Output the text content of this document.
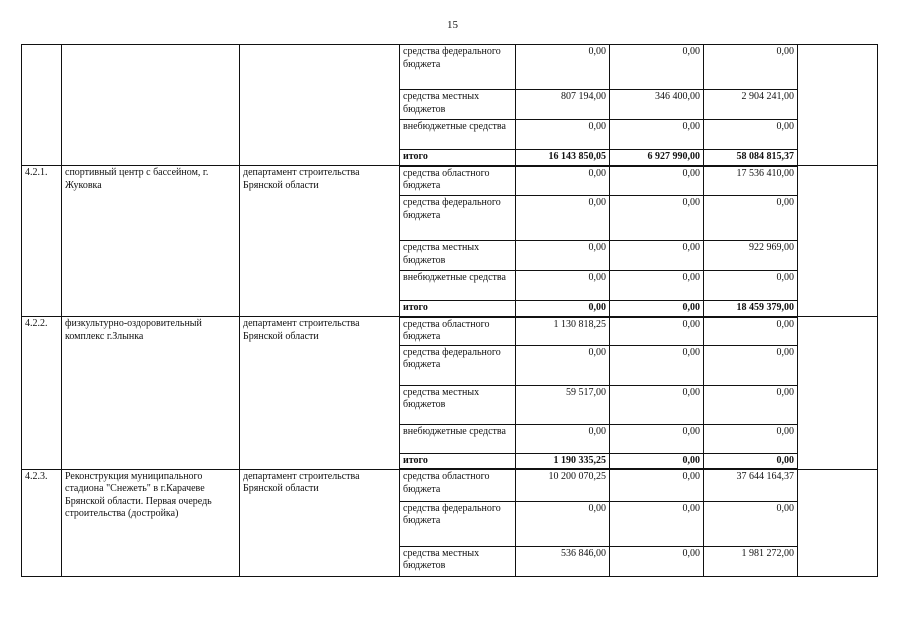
15
			средства федерального бюджета	0,00	0,00	0,00	
			средства местных бюджетов	807 194,00	346 400,00	2 904 241,00	
			внебюджетные средства	0,00	0,00	0,00	
			итого	16 143 850,05	6 927 990,00	58 084 815,37	
4.2.1.	спортивный центр с бассейном, г. Жуковка	департамент строительства Брянской области	средства областного бюджета	0,00	0,00	17 536 410,00	
			средства федерального бюджета	0,00	0,00	0,00	
			средства местных бюджетов	0,00	0,00	922 969,00	
			внебюджетные средства	0,00	0,00	0,00	
			итого	0,00	0,00	18 459 379,00	
4.2.2.	физкультурно-оздоровительный комплекс г.Злынка	департамент строительства Брянской области	средства областного бюджета	1 130 818,25	0,00	0,00	
			средства федерального бюджета	0,00	0,00	0,00	
			средства местных бюджетов	59 517,00	0,00	0,00	
			внебюджетные средства	0,00	0,00	0,00	
			итого	1 190 335,25	0,00	0,00	
4.2.3.	Реконструкция муниципального стадиона "Снежеть" в г.Карачеве Брянской области. Первая очередь строительства (достройка)	департамент строительства Брянской области	средства областного бюджета	10 200 070,25	0,00	37 644 164,37	
			средства федерального бюджета	0,00	0,00	0,00	
			средства местных бюджетов	536 846,00	0,00	1 981 272,00	
